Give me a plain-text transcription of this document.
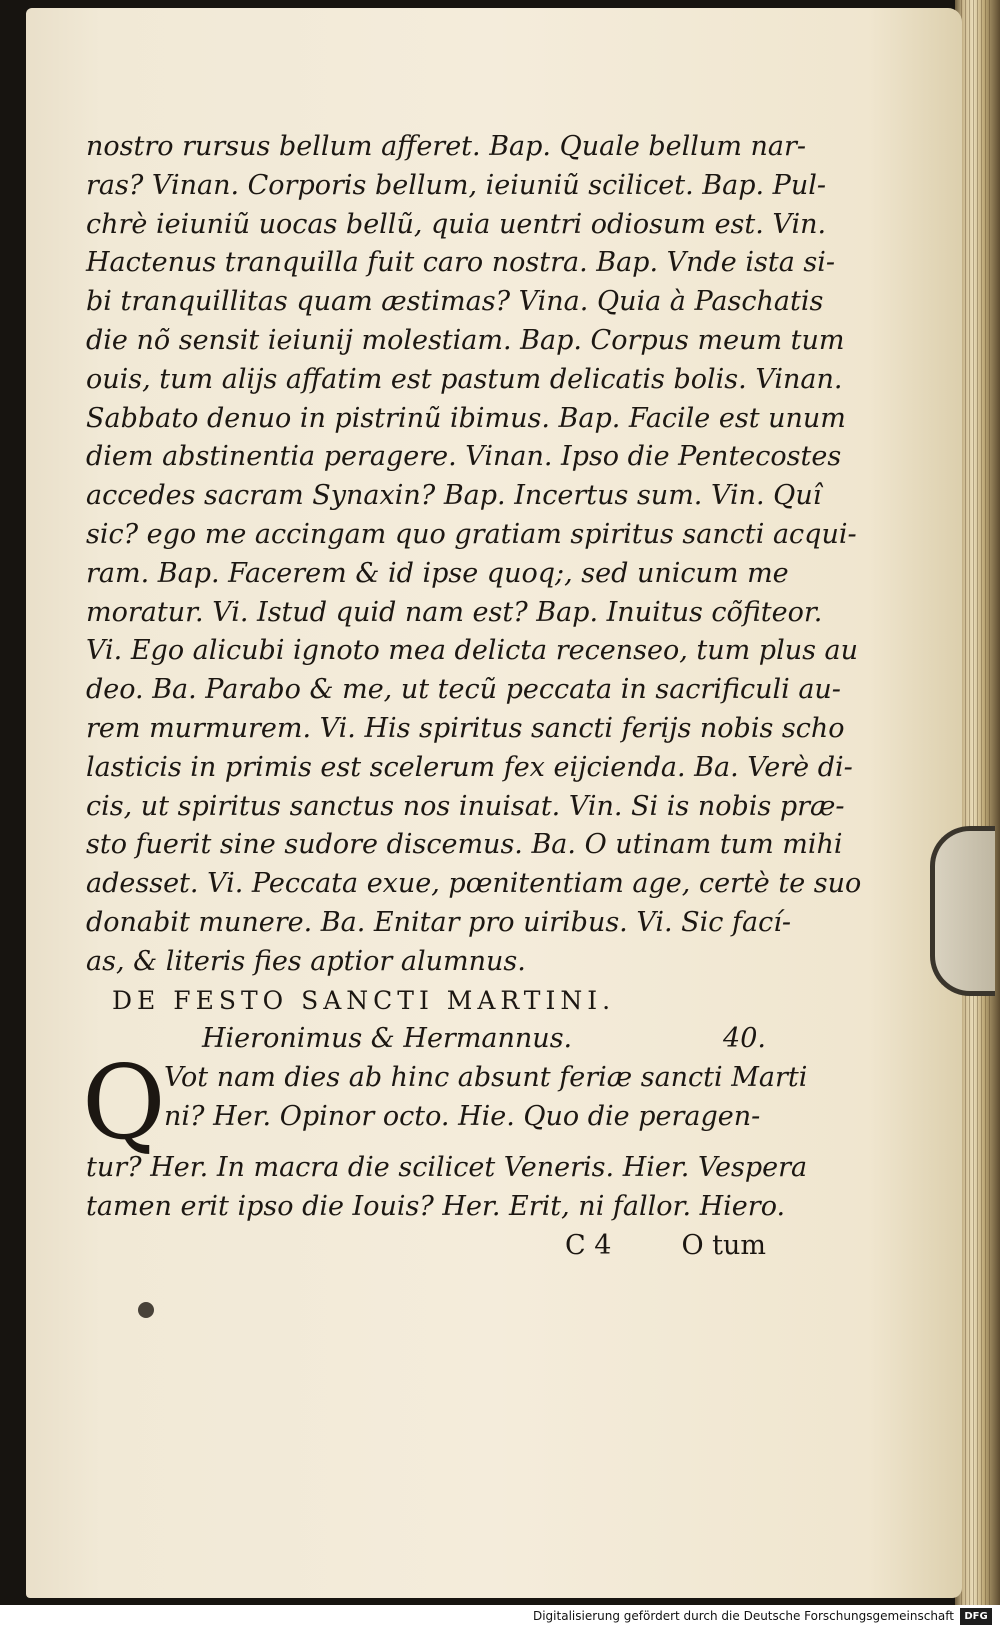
nostro rursus bellum afferet. Bap. Quale bellum nar-
ras? Vinan. Corporis bellum, ieiuniũ scilicet. Bap. Pul-
chrè ieiuniũ uocas bellũ, quia uentri odiosum est. Vin.
Hactenus tranquilla fuit caro nostra. Bap. Vnde ista si-
bi tranquillitas quam æstimas? Vina. Quia à Paschatis
die nõ sensit ieiunij molestiam. Bap. Corpus meum tum
ouis, tum alijs affatim est pastum delicatis bolis. Vinan.
Sabbato denuo in pistrinũ ibimus. Bap. Facile est unum
diem abstinentia peragere. Vinan. Ipso die Pentecostes
accedes sacram Synaxin? Bap. Incertus sum. Vin. Quî
sic? ego me accingam quo gratiam spiritus sancti acqui-
ram. Bap. Facerem & id ipse quoq;, sed unicum me
moratur. Vi. Istud quid nam est? Bap. Inuitus cõfiteor.
Vi. Ego alicubi ignoto mea delicta recenseo, tum plus au
deo. Ba. Parabo & me, ut tecũ peccata in sacrificuli au-
rem murmurem. Vi. His spiritus sancti ferijs nobis scho
lasticis in primis est scelerum fex eijcienda. Ba. Verè di-
cis, ut spiritus sanctus nos inuisat. Vin. Si is nobis præ-
sto fuerit sine sudore discemus. Ba. O utinam tum mihi
adesset. Vi. Peccata exue, pœnitentiam age, certè te suo
donabit munere. Ba. Enitar pro uiribus. Vi. Sic fací-
as, & literis fies aptior alumnus.
DE FESTO SANCTI MARTINI.
Hieronimus & Hermannus.	40.
Q
Vot nam dies ab hinc absunt feriæ sancti Marti
ni? Her. Opinor octo. Hie. Quo die peragen-
tur? Her. In macra die scilicet Veneris. Hier. Vespera
tamen erit ipso die Iouis? Her. Erit, ni fallor. Hiero.
C 4	O tum
Digitalisierung gefördert durch die Deutsche Forschungsgemeinschaft	DFG
